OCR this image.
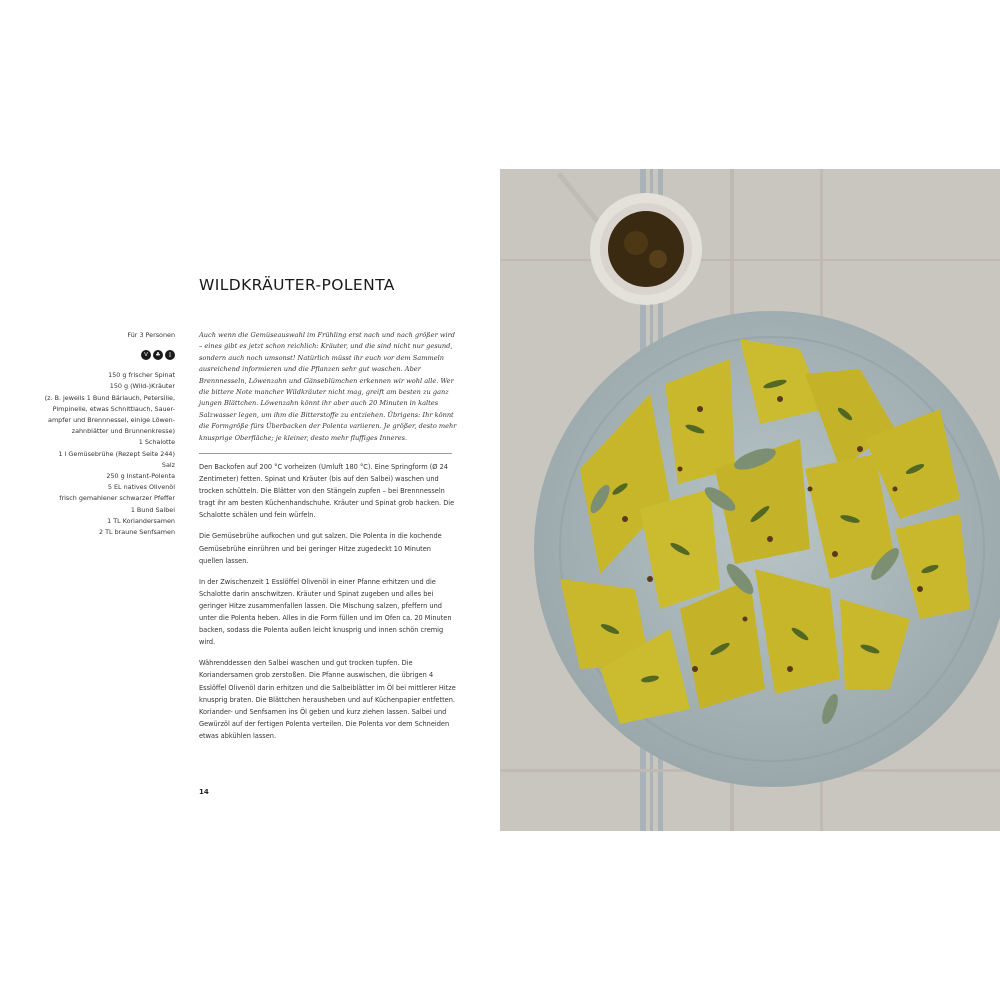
WILDKRÄUTER-POLENTA
Für 3 Personen
V	♣	▯
150 g frischer Spinat
150 g (Wild-)Kräuter
(z. B. jeweils 1 Bund Bärlauch, Petersilie,
Pimpinelle, etwas Schnittlauch, Sauer-
ampfer und Brennnessel, einige Löwen-
zahnblätter und Brunnenkresse)
1 Schalotte
1 l Gemüsebrühe (Rezept Seite 244)
Salz
250 g Instant-Polenta
5 EL natives Olivenöl
frisch gemahlener schwarzer Pfeffer
1 Bund Salbei
1 TL Koriandersamen
2 TL braune Senfsamen

Auch wenn die Gemüseauswahl im Frühling erst nach und nach größer wird – eines gibt es jetzt schon reichlich: Kräuter, und die sind nicht nur gesund, sondern auch noch umsonst! Natürlich müsst ihr euch vor dem Sammeln ausreichend informieren und die Pflanzen sehr gut waschen. Aber Brennnesseln, Löwenzahn und Gänseblümchen erkennen wir wohl alle. Wer die bittere Note mancher Wildkräuter nicht mag, greift am besten zu ganz jungen Blättchen. Löwenzahn könnt ihr aber auch 20 Minuten in kaltes Salzwasser legen, um ihm die Bitterstoffe zu entziehen. Übrigens: Ihr könnt die Formgröße fürs Überbacken der Polenta variieren. Je größer, desto mehr knusprige Oberfläche; je kleiner, desto mehr fluffiges Inneres.

Den Backofen auf 200 °C vorheizen (Umluft 180 °C). Eine Springform (Ø 24 Zentimeter) fetten. Spinat und Kräuter (bis auf den Salbei) waschen und trocken schütteln. Die Blätter von den Stängeln zupfen – bei Brennnesseln tragt ihr am besten Küchenhandschuhe. Kräuter und Spinat grob hacken. Die Schalotte schälen und fein würfeln.

Die Gemüsebrühe aufkochen und gut salzen. Die Polenta in die kochende Gemüsebrühe einrühren und bei geringer Hitze zugedeckt 10 Minuten quellen lassen.

In der Zwischenzeit 1 Esslöffel Olivenöl in einer Pfanne erhitzen und die Schalotte darin anschwitzen. Kräuter und Spinat zugeben und alles bei geringer Hitze zusammenfallen lassen. Die Mischung salzen, pfeffern und unter die Polenta heben. Alles in die Form füllen und im Ofen ca. 20 Minuten backen, sodass die Polenta außen leicht knusprig und innen schön cremig wird.

Währenddessen den Salbei waschen und gut trocken tupfen. Die Koriandersamen grob zerstoßen. Die Pfanne auswischen, die übrigen 4 Esslöffel Olivenöl darin erhitzen und die Salbeiblätter im Öl bei mittlerer Hitze knusprig braten. Die Blättchen herausheben und auf Küchenpapier entfetten. Koriander- und Senfsamen ins Öl geben und kurz ziehen lassen. Salbei und Gewürzöl auf der fertigen Polenta verteilen. Die Polenta vor dem Schneiden etwas abkühlen lassen.

14
